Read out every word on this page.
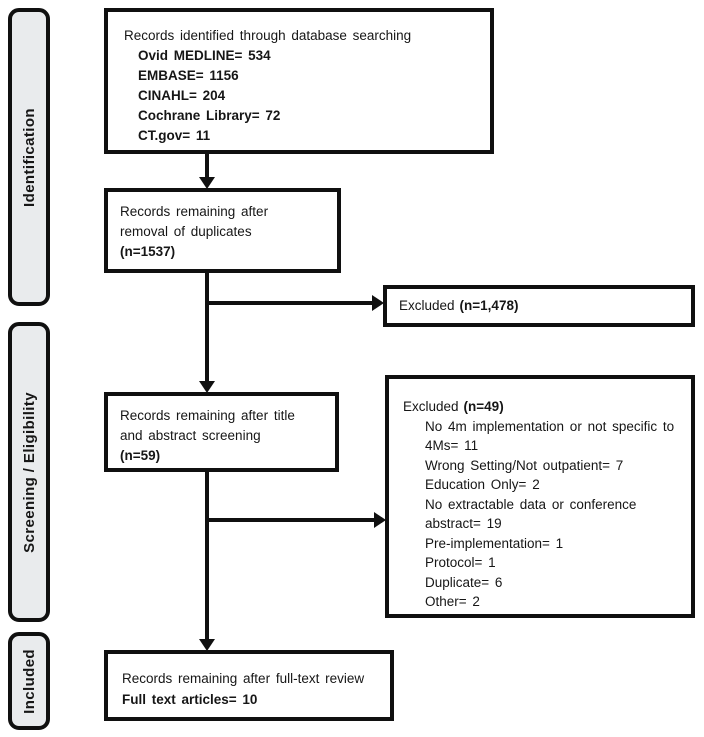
Identification
Screening / Eligibility
Included
Records identified through database searching
Ovid MEDLINE= 534
EMBASE= 1156
CINAHL= 204
Cochrane Library= 72
CT.gov= 11
Records remaining after
removal of duplicates
(n=1537)
Excluded (n=1,478)
Records remaining after title
and abstract screening
(n=59)
Excluded (n=49)
No 4m implementation or not specific to
4Ms= 11
Wrong Setting/Not outpatient= 7
Education Only= 2
No extractable data or conference
abstract= 19
Pre-implementation= 1
Protocol= 1
Duplicate= 6
Other= 2
Records remaining after full-text review
Full text articles= 10
